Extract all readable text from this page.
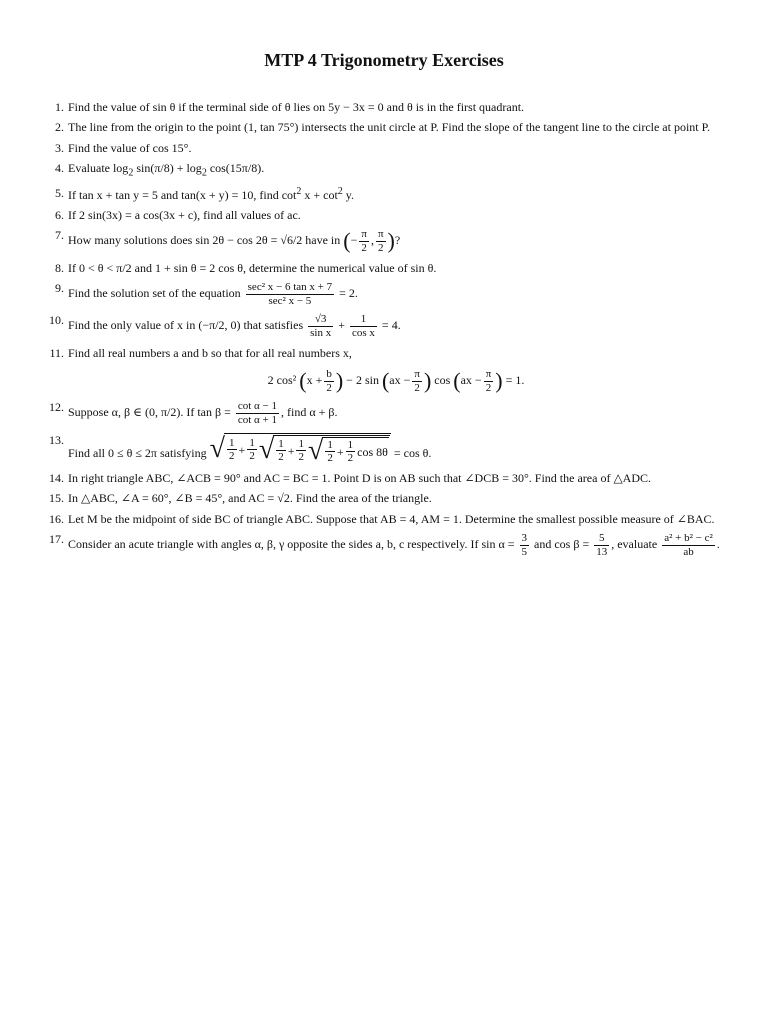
MTP 4 Trigonometry Exercises
1. Find the value of sin θ if the terminal side of θ lies on 5y − 3x = 0 and θ is in the first quadrant.
2. The line from the origin to the point (1, tan 75°) intersects the unit circle at P. Find the slope of the tangent line to the circle at point P.
3. Find the value of cos 15°.
4. Evaluate $\log_2 \sin(\pi/8) + \log_2 \cos(15\pi/8)$.
5. If tan x + tan y = 5 and tan(x + y) = 10, find $\cot^2 x + \cot^2 y$.
6. If 2 sin(3x) = a cos(3x + c), find all values of ac.
7. How many solutions does sin 2θ − cos 2θ = √6/2 have in (− $\frac{\pi}{2}$ , $\frac{\pi}{2}$ )?
8. If 0 < θ < π/2 and 1 + sin θ = 2 cos θ, determine the numerical value of sin θ.
9. Find the solution set of the equation sec² x − 6 tan x + 7
sec² x − 5
= 2.
10. Find the only value of x in (−π/2, 0) that satisfies $\frac{√3}{\text{sin x}} + \frac{1}{\text{cos x}} = 4$.
11. Find all real numbers a and b so that for all real numbers x,
2 cos² ($x + \frac{b}{2}$ ) − 2 $\sin (ax - \frac{\pi}{2}$ ) $\cos (ax - \frac{\pi}{2}$ ) = 1.
12. Suppose α, β ∈ (0, π/2). If $\tan \beta = \frac{\text{cot α − 1}}{\text{cot α + 1}}$ , find α + β.
13.
Find all 0 ≤ θ ≤ 2π satisfying √ $\frac{1}{2} + \frac{1}{2}$ √ $\frac{1}{2} + \frac{1}{2}$ √ $\frac{1}{2} + \frac{1}{2}$ cos 8θ = cos θ.
14. In right triangle ABC, ∠ACB = 90° and AC = BC = 1. Point D is on AB such that ∠DCB = 30°. Find the area of △ADC.
15. In △ABC, ∠A = 60°, ∠B = 45°, and AC = √2. Find the area of the triangle.
16. Let M be the midpoint of side BC of triangle ABC. Suppose that AB = 4, AM = 1. Determine the smallest possible measure of ∠BAC.
17. Consider an acute triangle with angles α, β, γ opposite the sides a, b, c respectively. If $\sin \alpha = \frac{3}{5}$ and $\cos \beta = \frac{5}{13}$ , evaluate $\frac{\text{a² + b² − c²}}{ab}$ .
